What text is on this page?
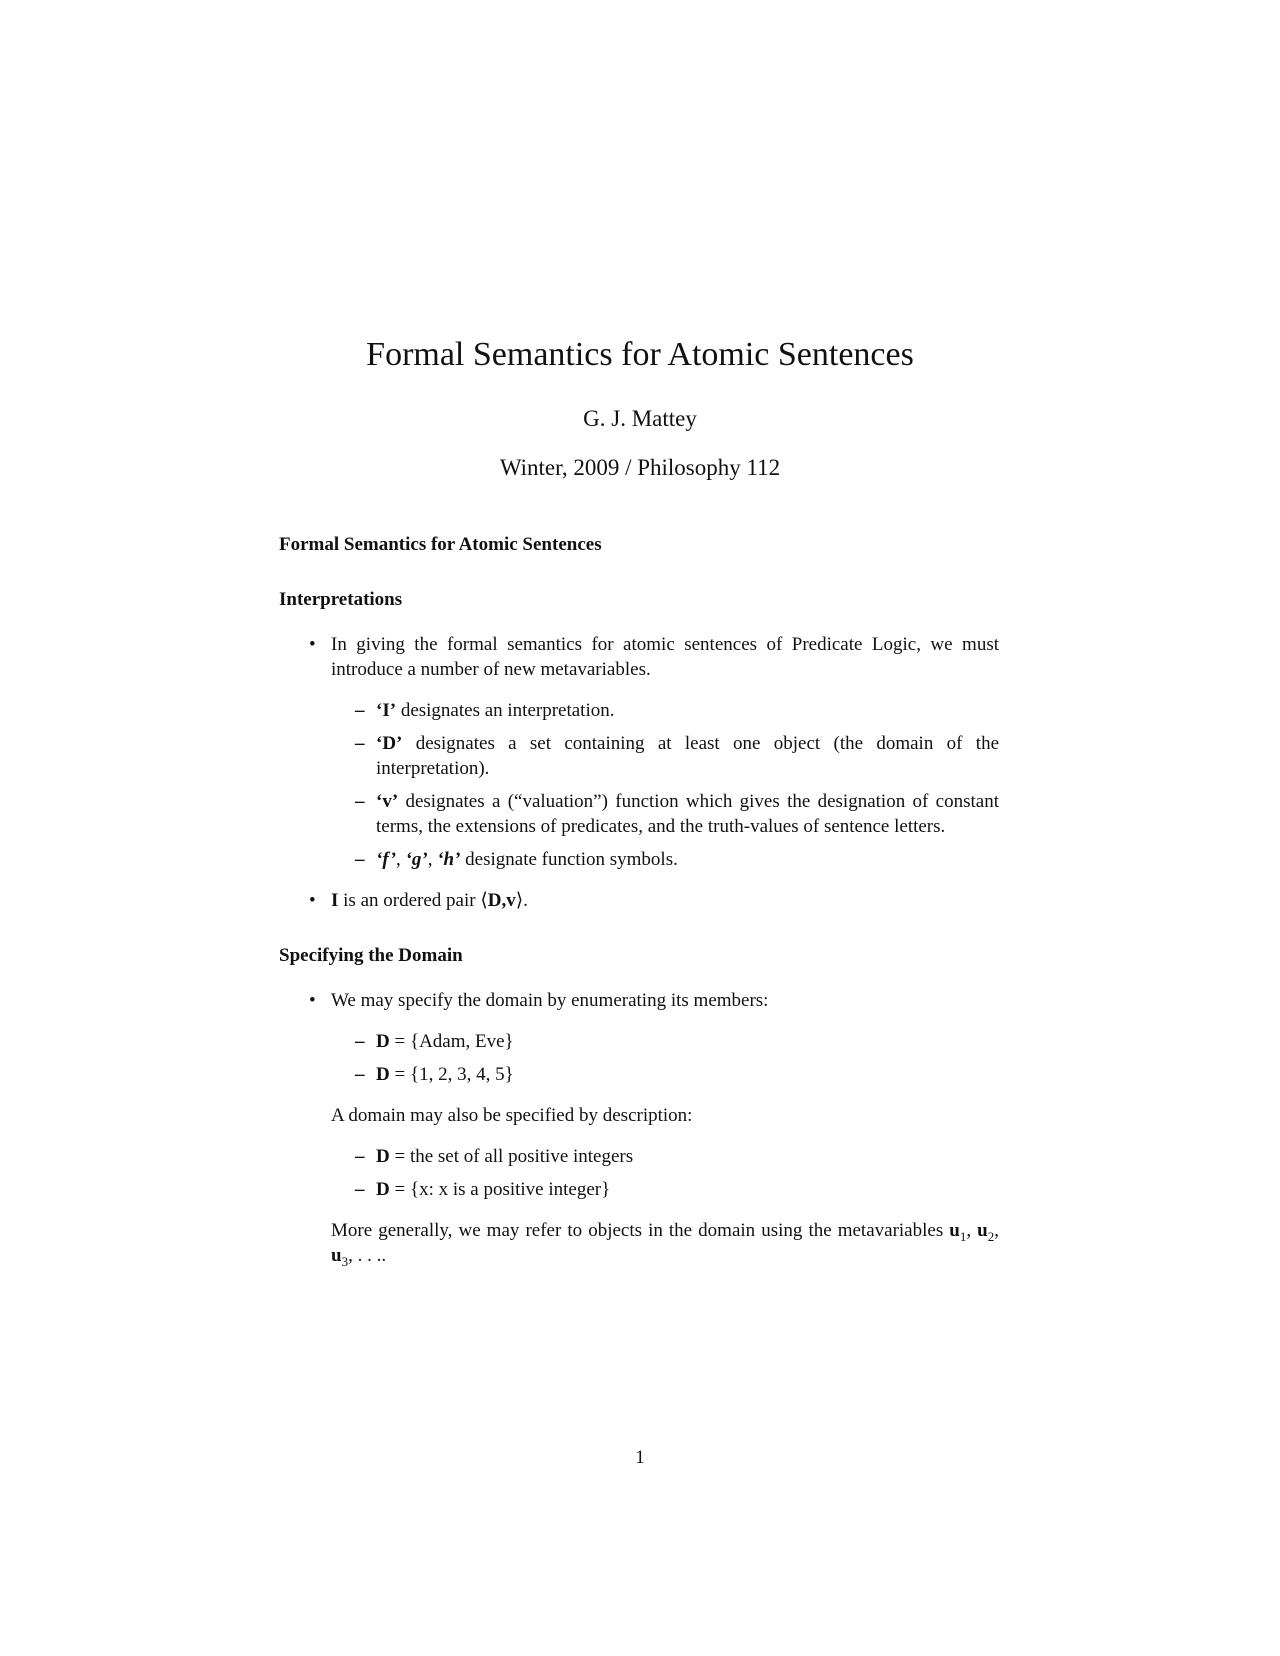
Formal Semantics for Atomic Sentences
G. J. Mattey
Winter, 2009 / Philosophy 112

Formal Semantics for Atomic Sentences

Interpretations

• In giving the formal semantics for atomic sentences of Predicate Logic, we must introduce a number of new metavariables.
– ‘I’ designates an interpretation.
– ‘D’ designates a set containing at least one object (the domain of the interpretation).
– ‘v’ designates a (“valuation”) function which gives the designation of constant terms, the extensions of predicates, and the truth-values of sentence letters.
– ‘f’, ‘g’, ‘h’ designate function symbols.
• I is an ordered pair ⟨D,v⟩.

Specifying the Domain

• We may specify the domain by enumerating its members:
– D = {Adam, Eve}
– D = {1, 2, 3, 4, 5}
A domain may also be specified by description:
– D = the set of all positive integers
– D = {x: x is a positive integer}
More generally, we may refer to objects in the domain using the metavariables $u_1$, $u_2$, $u_3$, . . ..
1
